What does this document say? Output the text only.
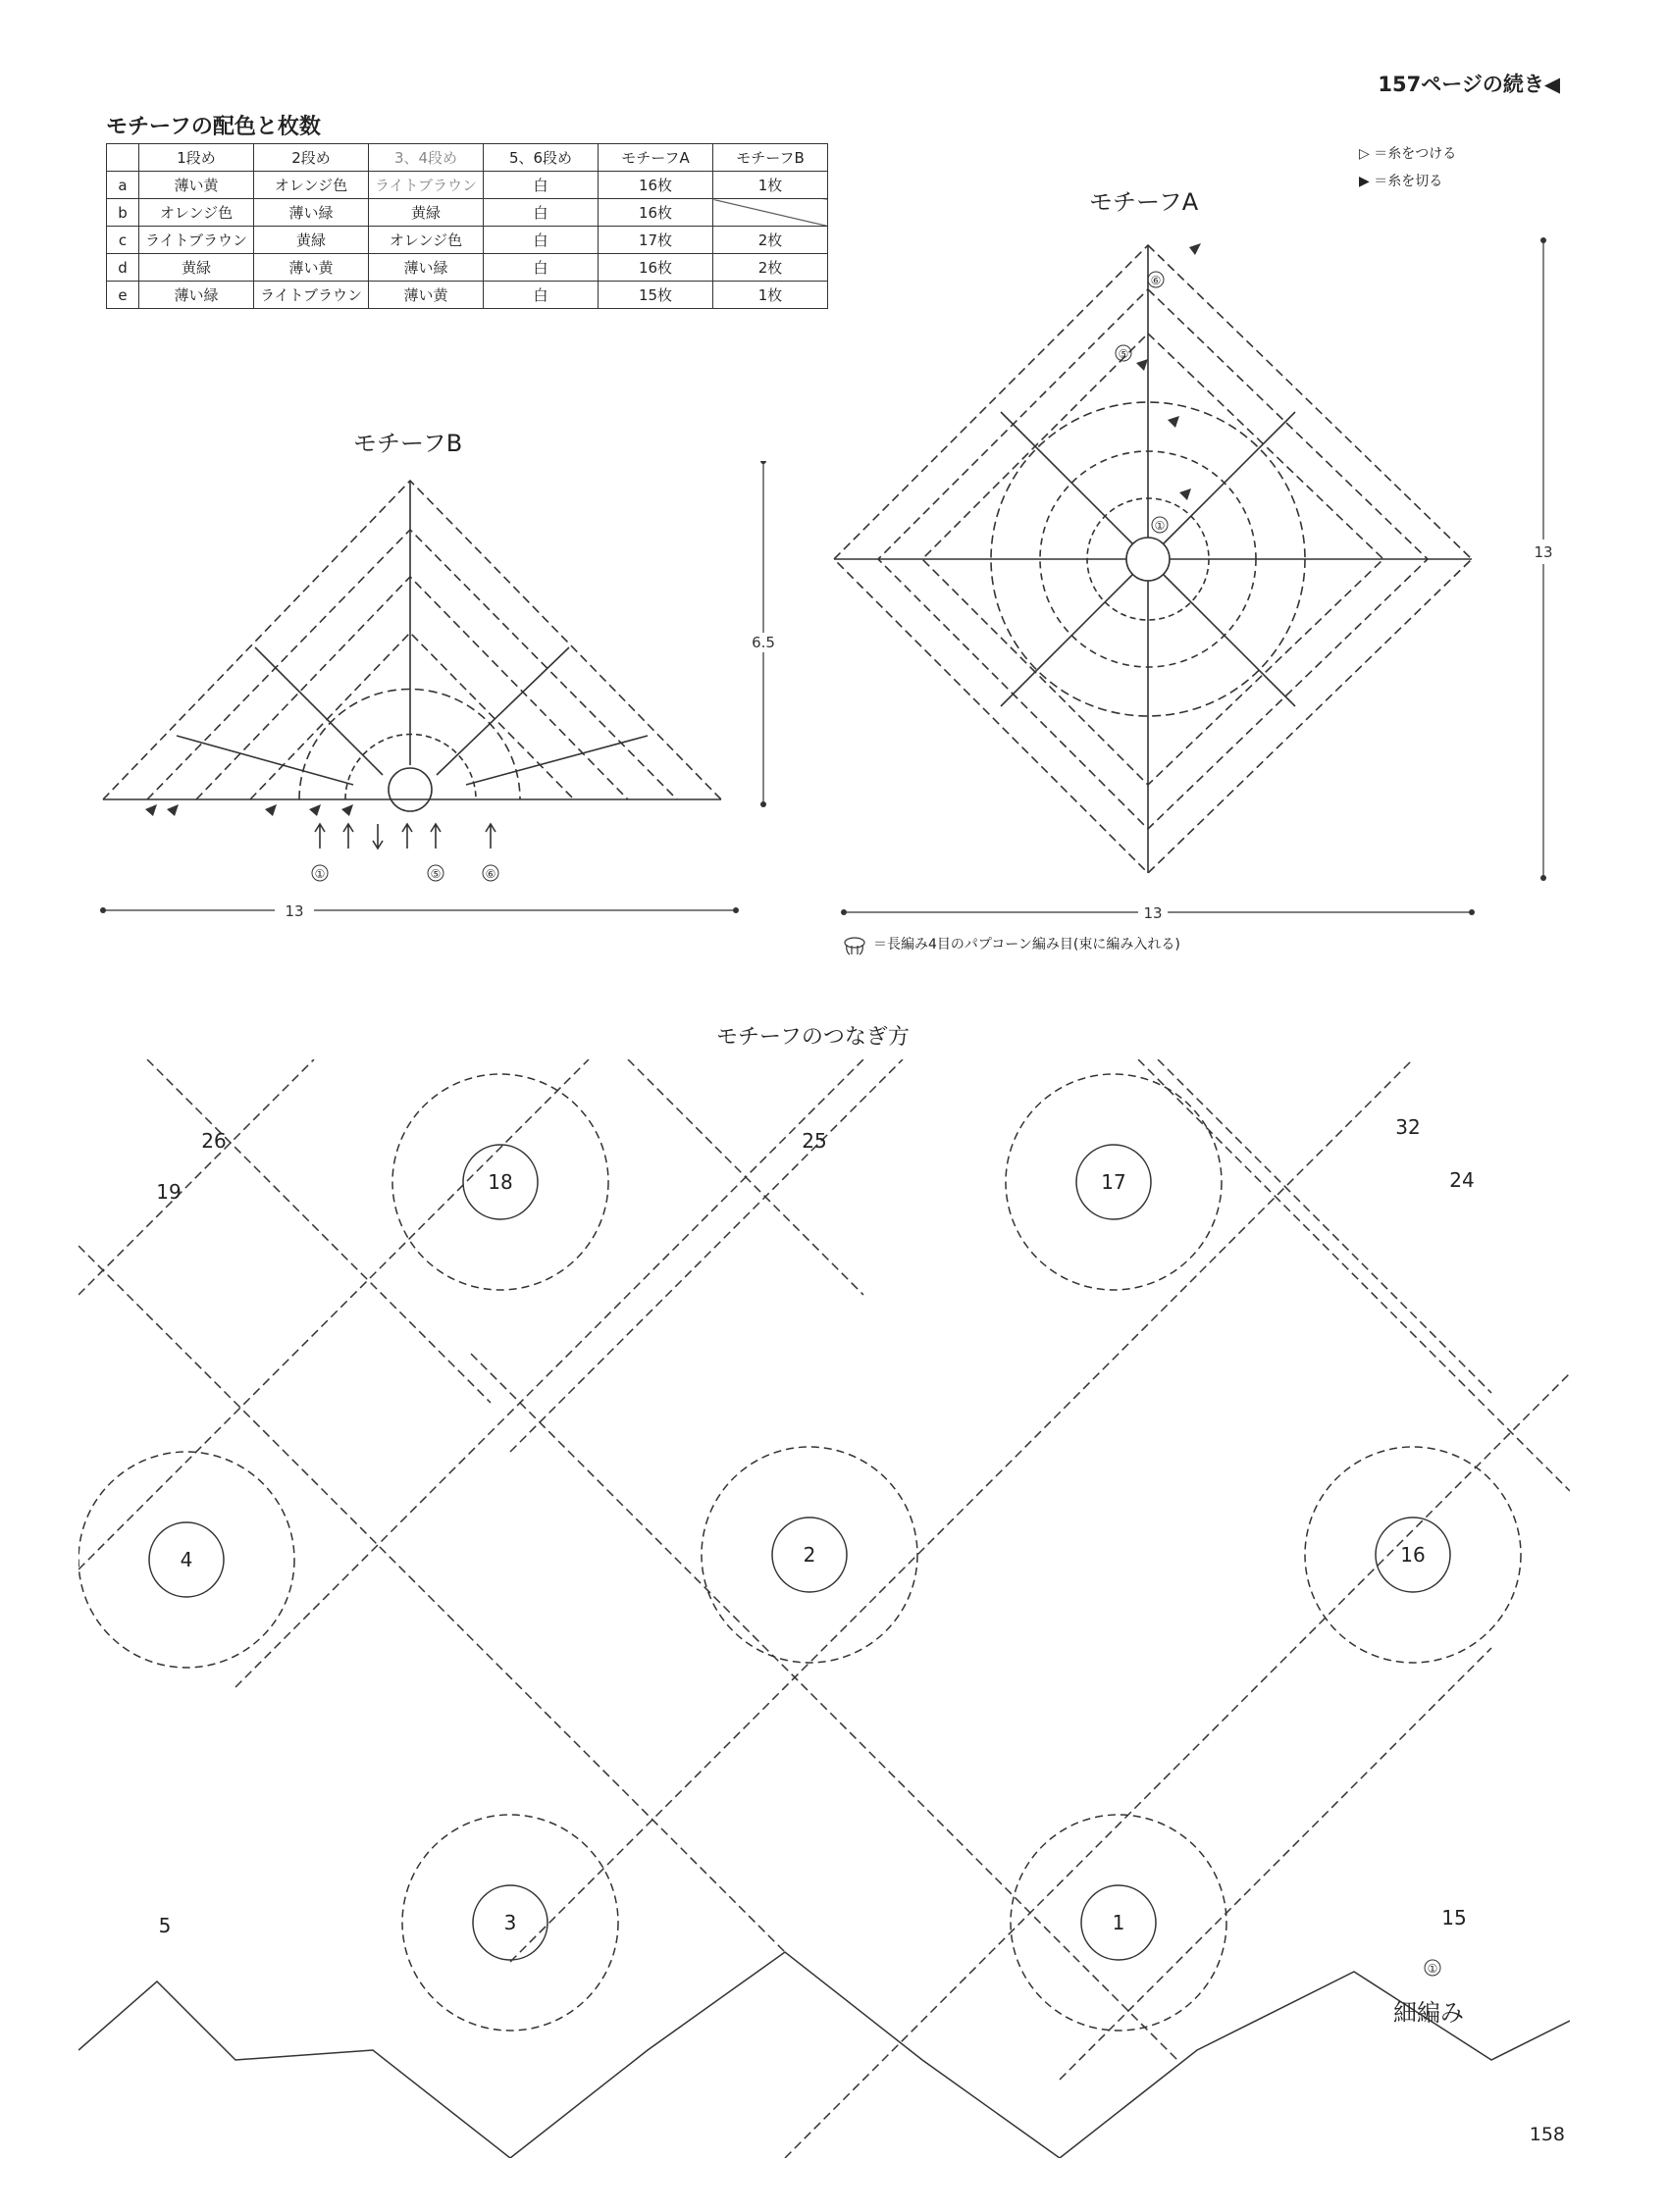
157ページの続き◀
モチーフの配色と枚数
	1段め	2段め	3、4段め	5、6段め	モチーフA	モチーフB
a	薄い黄	オレンジ色	ライトブラウン	白	16枚	1枚
b	オレンジ色	薄い緑	黄緑	白	16枚	
c	ライトブラウン	黄緑	オレンジ色	白	17枚	2枚
d	黄緑	薄い黄	薄い緑	白	16枚	2枚
e	薄い緑	ライトブラウン	薄い黄	白	15枚	1枚
▷ ＝糸をつける
▶ ＝糸を切る
モチーフA
モチーフB
①	⑤	⑥
13
6.5
⑥
⑤
①
13
13
＝長編み4目のパプコーン編み目(束に編み入れる)
モチーフのつなぎ方
1
2
3
4	16
17
18
5	15
19	24
25
26
32
①
細編み
158
